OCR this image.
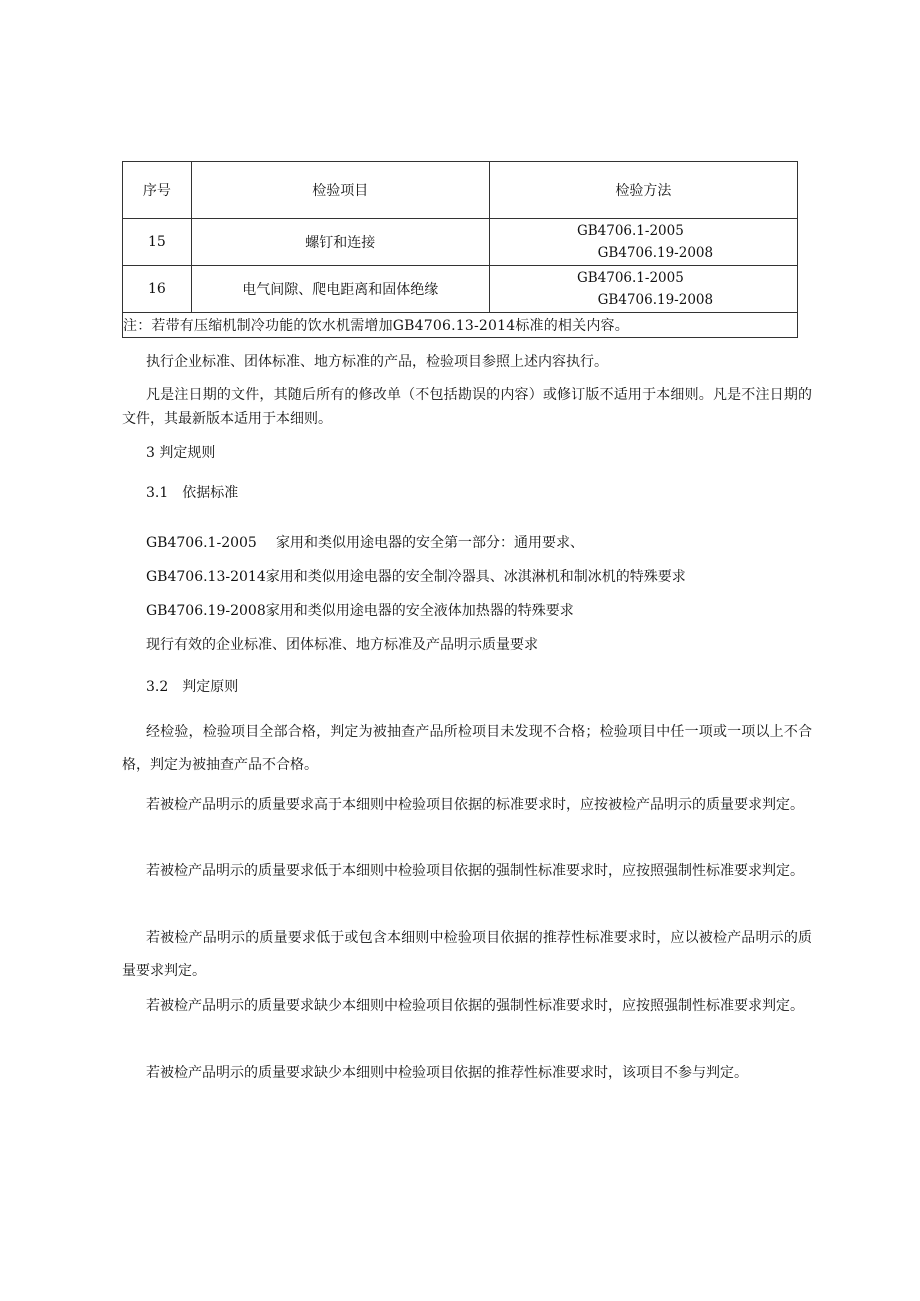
序号	检验项目	检验方法
15	螺钉和连接	GB4706.1-2005
GB4706.19-2008

16	电气间隙、爬电距离和固体绝缘	GB4706.1-2005
GB4706.19-2008

注：若带有压缩机制冷功能的饮水机需增加GB4706.13-2014标准的相关内容。		
执行企业标准、团体标准、地方标准的产品，检验项目参照上述内容执行。
凡是注日期的文件，其随后所有的修改单（不包括勘误的内容）或修订版不适用于本细则。凡是不注日期的文件，其最新版本适用于本细则。
3 判定规则
3.1　依据标准
GB4706.1-2005 家用和类似用途电器的安全第一部分：通用要求、
GB4706.13-2014家用和类似用途电器的安全制冷器具、冰淇淋机和制冰机的特殊要求
GB4706.19-2008家用和类似用途电器的安全液体加热器的特殊要求
现行有效的企业标准、团体标准、地方标准及产品明示质量要求
3.2　判定原则
经检验，检验项目全部合格，判定为被抽查产品所检项目未发现不合格；检验项目中任一项或一项以上不合格，判定为被抽查产品不合格。
若被检产品明示的质量要求高于本细则中检验项目依据的标准要求时，应按被检产品明示的质量要求判定。
若被检产品明示的质量要求低于本细则中检验项目依据的强制性标准要求时，应按照强制性标准要求判定。
若被检产品明示的质量要求低于或包含本细则中检验项目依据的推荐性标准要求时，应以被检产品明示的质量要求判定。
若被检产品明示的质量要求缺少本细则中检验项目依据的强制性标准要求时，应按照强制性标准要求判定。
若被检产品明示的质量要求缺少本细则中检验项目依据的推荐性标准要求时，该项目不参与判定。
